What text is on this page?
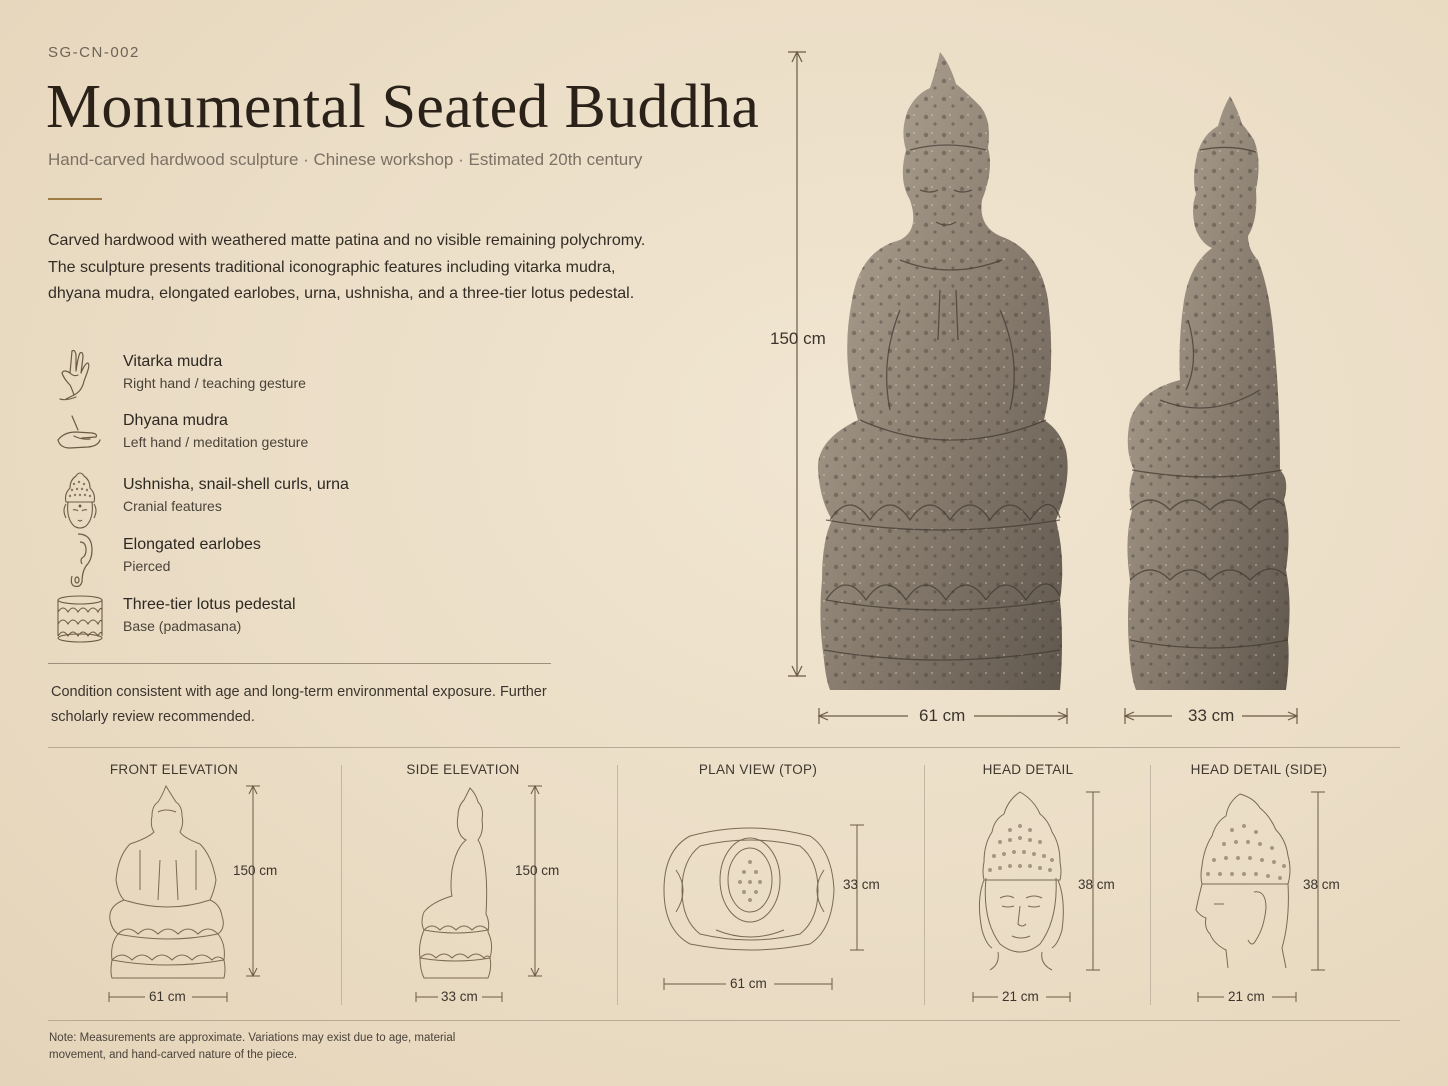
SG-CN-002
Monumental Seated Buddha
Hand-carved hardwood sculpture · Chinese workshop · Estimated 20th century
Carved hardwood with weathered matte patina and no visible remaining polychromy. The sculpture presents traditional iconographic features including vitarka mudra, dhyana mudra, elongated earlobes, urna, ushnisha, and a three-tier lotus pedestal.
Vitarka mudra
Right hand / teaching gesture
Dhyana mudra
Left hand / meditation gesture
Ushnisha, snail-shell curls, urna
Cranial features
Elongated earlobes
Pierced
Three-tier lotus pedestal
Base (padmasana)
Condition consistent with age and long-term environmental exposure. Further scholarly review recommended.
150 cm
61 cm	33 cm
FRONT ELEVATION	SIDE ELEVATION	PLAN VIEW (TOP)	HEAD DETAIL	HEAD DETAIL (SIDE)
150 cm
61 cm
150 cm
33 cm
33 cm
61 cm
38 cm
21 cm
38 cm
21 cm
Note: Measurements are approximate. Variations may exist due to age, material movement, and hand-carved nature of the piece.
